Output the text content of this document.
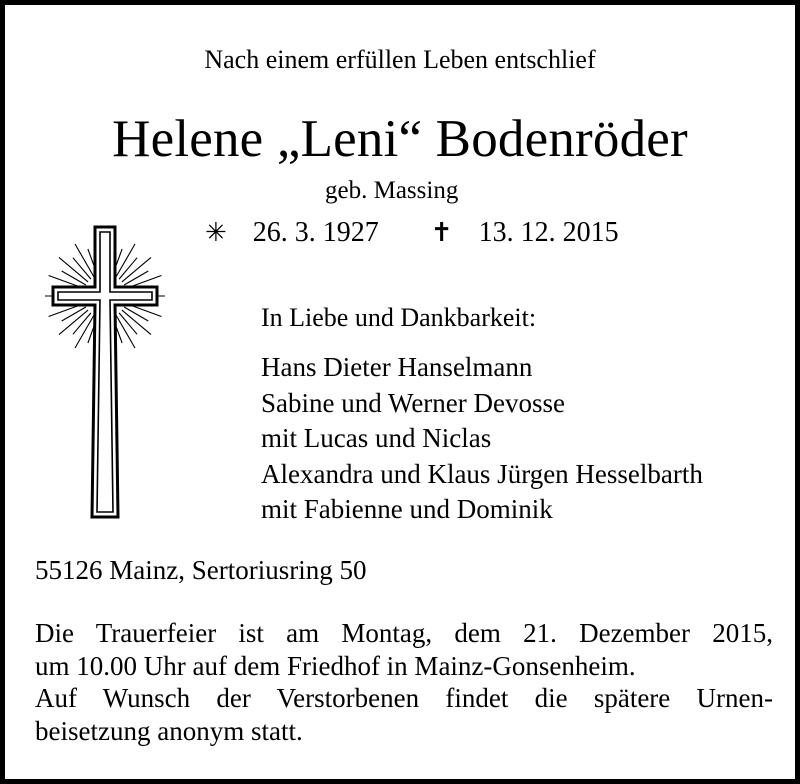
Nach einem erfüllen Leben entschlief
Helene „Leni“ Bodenröder
geb. Massing
✳ 26. 3. 1927 ✝ 13. 12. 2015
In Liebe und Dankbarkeit:
Hans Dieter Hanselmann
Sabine und Werner Devosse
mit Lucas und Niclas
Alexandra und Klaus Jürgen Hesselbarth
mit Fabienne und Dominik
55126 Mainz, Sertoriusring 50
Die Trauerfeier ist am Montag, dem 21. Dezember 2015,
um 10.00 Uhr auf dem Friedhof in Mainz-Gonsenheim.
Auf Wunsch der Verstorbenen findet die spätere Urnen-
beisetzung anonym statt.
